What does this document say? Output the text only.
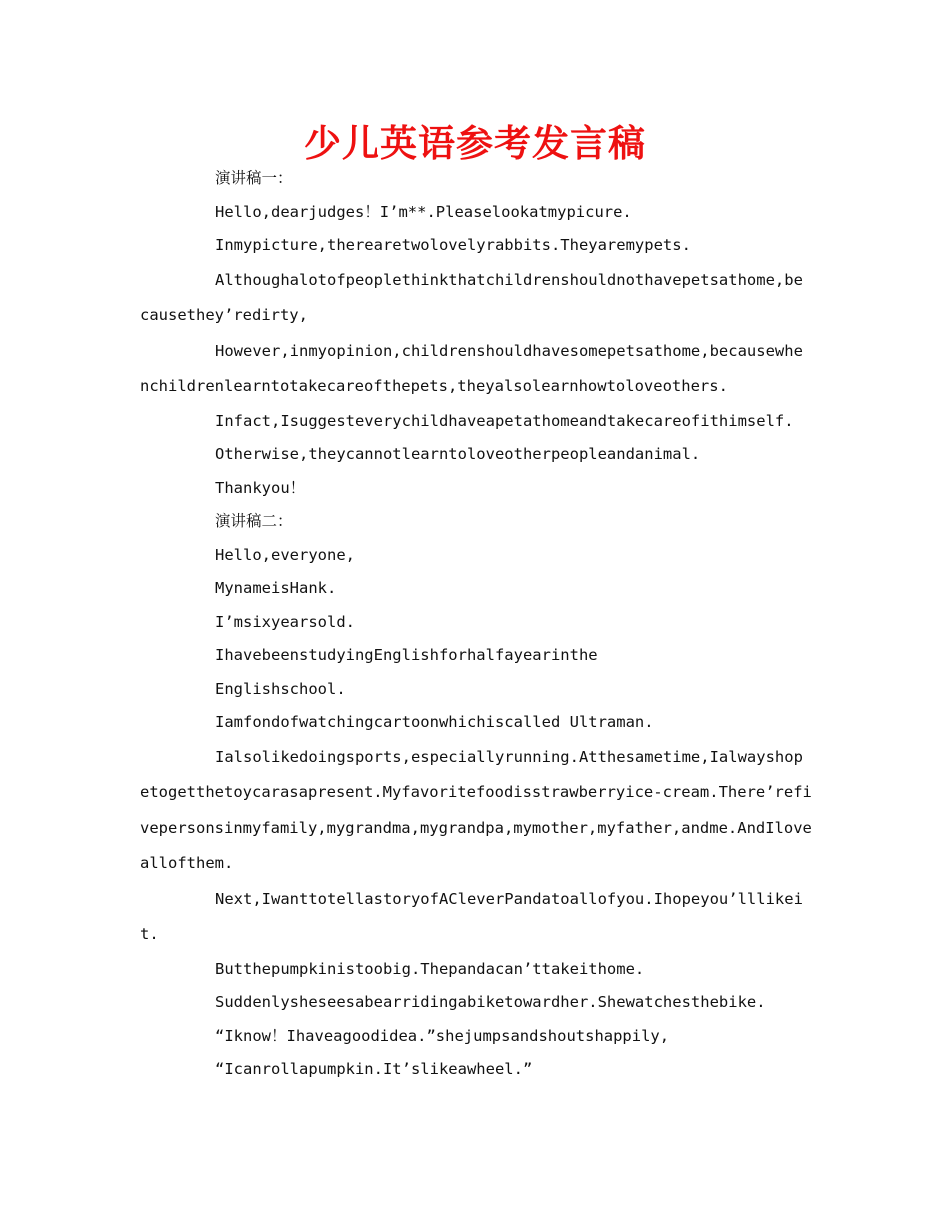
少儿英语参考发言稿

演讲稿一：

Hello,dearjudges！I’m**.Pleaselookatmypicure.

Inmypicture,therearetwolovelyrabbits.Theyaremypets.

Althoughalotofpeoplethinkthatchildrenshouldnothavepetsathome,becausethey’redirty,

However,inmyopinion,childrenshouldhavesomepetsathome,becausewhenchildrenlearntotakecareofthepets,theyalsolearnhowtoloveothers.

Infact,Isuggesteverychildhaveapetathomeandtakecareofithimself.

Otherwise,theycannotlearntoloveotherpeopleandanimal.

Thankyou！

演讲稿二：

Hello,everyone,

MynameisHank.

I’msixyearsold.

IhavebeenstudyingEnglishforhalfayearinthe

Englishschool.

Iamfondofwatchingcartoonwhichiscalled Ultraman.

Ialsolikedoingsports,especiallyrunning.Atthesametime,Ialwayshopetogetthetoycarasapresent.Myfavoritefoodisstrawberryice-cream.There’refivepersonsinmyfamily,mygrandma,mygrandpa,mymother,myfather,andme.AndIloveallofthem.

Next,IwanttotellastoryofACleverPandatoallofyou.Ihopeyou’lllikeit.

Butthepumpkinistoobig.Thepandacan’ttakeithome.

Suddenlysheseesabearridingabiketowardher.Shewatchesthebike.

“Iknow！Ihaveagoodidea.”shejumpsandshoutshappily,

“Icanrollapumpkin.It’slikeawheel.”
